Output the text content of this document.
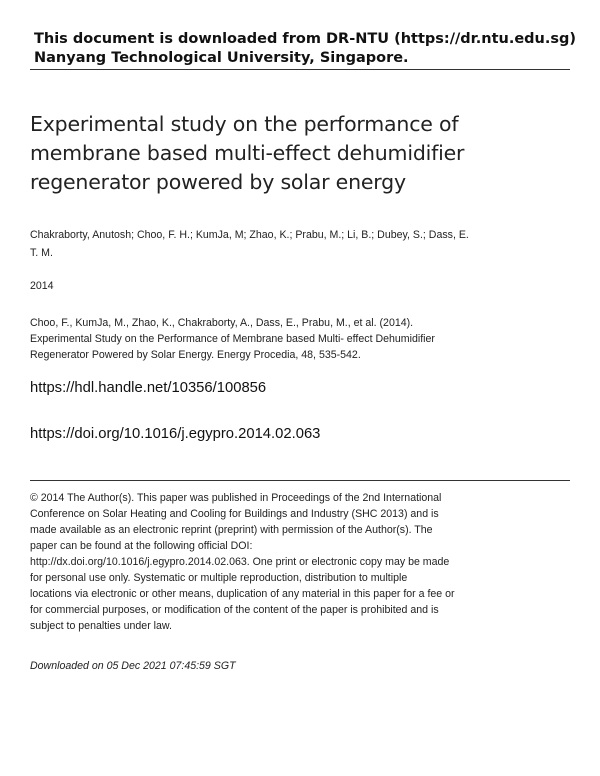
This document is downloaded from DR‑NTU (https://dr.ntu.edu.sg)
Nanyang Technological University, Singapore.
Experimental study on the performance of
membrane based multi-effect dehumidifier
regenerator powered by solar energy
Chakraborty, Anutosh; Choo, F. H.; KumJa, M; Zhao, K.; Prabu, M.; Li, B.; Dubey, S.; Dass, E.
T. M.
2014
Choo, F., KumJa, M., Zhao, K., Chakraborty, A., Dass, E., Prabu, M., et al. (2014).
Experimental Study on the Performance of Membrane based Multi‑ effect Dehumidifier
Regenerator Powered by Solar Energy. Energy Procedia, 48, 535‑542.
https://hdl.handle.net/10356/100856
https://doi.org/10.1016/j.egypro.2014.02.063
© 2014 The Author(s). This paper was published in Proceedings of the 2nd International
Conference on Solar Heating and Cooling for Buildings and Industry (SHC 2013) and is
made available as an electronic reprint (preprint) with permission of the Author(s). The
paper can be found at the following official DOI:
http://dx.doi.org/10.1016/j.egypro.2014.02.063. One print or electronic copy may be made
for personal use only. Systematic or multiple reproduction, distribution to multiple
locations via electronic or other means, duplication of any material in this paper for a fee or
for commercial purposes, or modification of the content of the paper is prohibited and is
subject to penalties under law.
Downloaded on 05 Dec 2021 07:45:59 SGT
